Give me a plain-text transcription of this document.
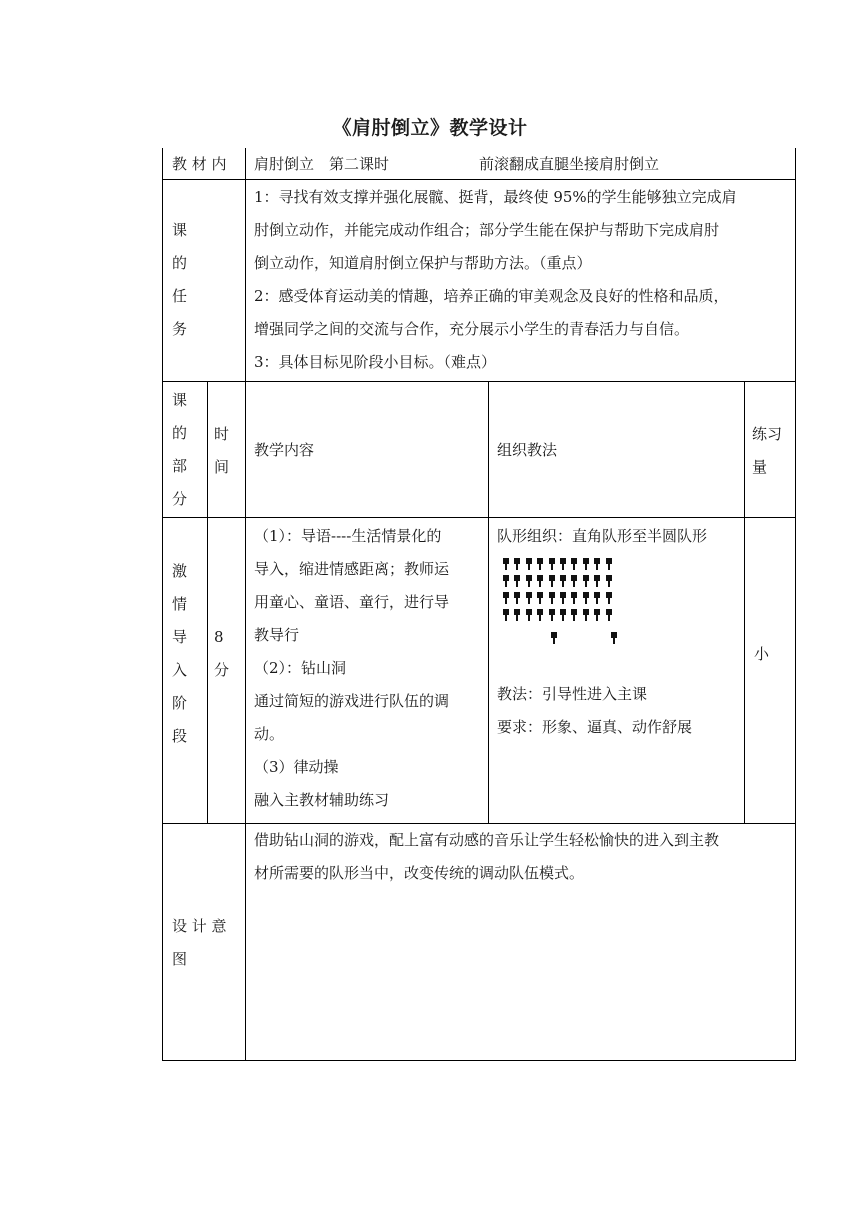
《肩肘倒立》教学设计
教 材 内 肩肘倒立　第二课时　　　　　　前滚翻成直腿坐接肩肘倒立
课
的
任
务
1：寻找有效支撑并强化展髋、挺背，最终使 95%的学生能够独立完成肩
肘倒立动作，并能完成动作组合；部分学生能在保护与帮助下完成肩肘
倒立动作，知道肩肘倒立保护与帮助方法。（重点）
2：感受体育运动美的情趣，培养正确的审美观念及良好的性格和品质，
增强同学之间的交流与合作，充分展示小学生的青春活力与自信。
3：具体目标见阶段小目标。（难点）
课
的
部
分
时
间
教学内容	组织教法
练习
量
激
情
导
入
阶
段
8
分
（1）：导语----生活情景化的
导入，缩进情感距离；教师运
用童心、童语、童行，进行导
教导行
（2）：钻山洞
通过简短的游戏进行队伍的调
动。
（3）律动操
融入主教材辅助练习
队形组织：直角队形至半圆队形
教法：引导性进入主课
要求：形象、逼真、动作舒展
小
设 计 意
图
借助钻山洞的游戏，配上富有动感的音乐让学生轻松愉快的进入到主教
材所需要的队形当中，改变传统的调动队伍模式。
